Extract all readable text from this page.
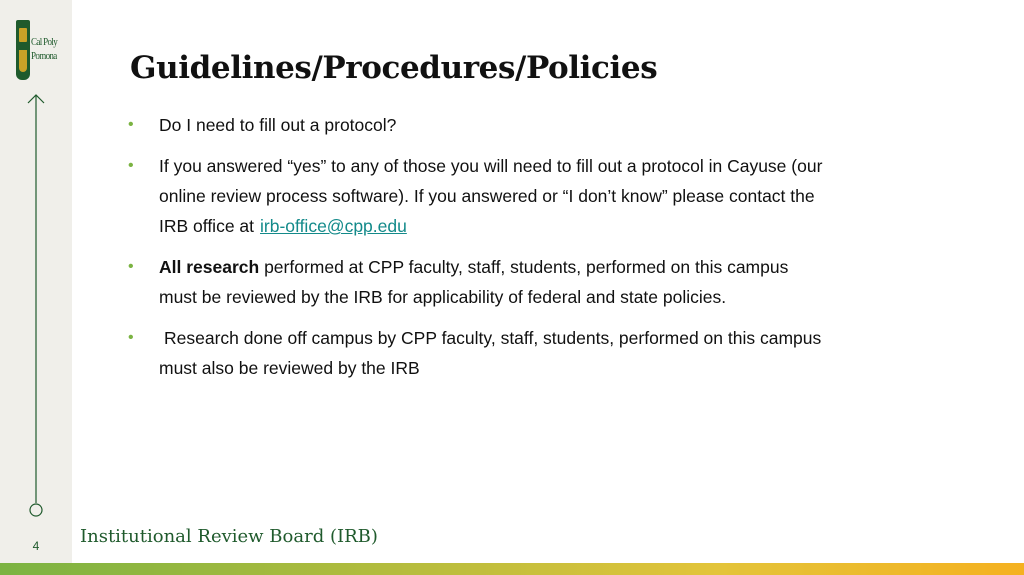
Cal Poly
Pomona
4
Guidelines/Procedures/Policies
• Do I need to fill out a protocol?
• If you answered “yes” to any of those you will need to fill out a protocol in Cayuse (our online review process software). If you answered or “I don’t know” please contact the IRB office at irb-office@cpp.edu
• All research performed at CPP faculty, staff, students, performed on this campus must be reviewed by the IRB for applicability of federal and state policies.
• Research done off campus by CPP faculty, staff, students, performed on this campus must also be reviewed by the IRB
Institutional Review Board (IRB)
